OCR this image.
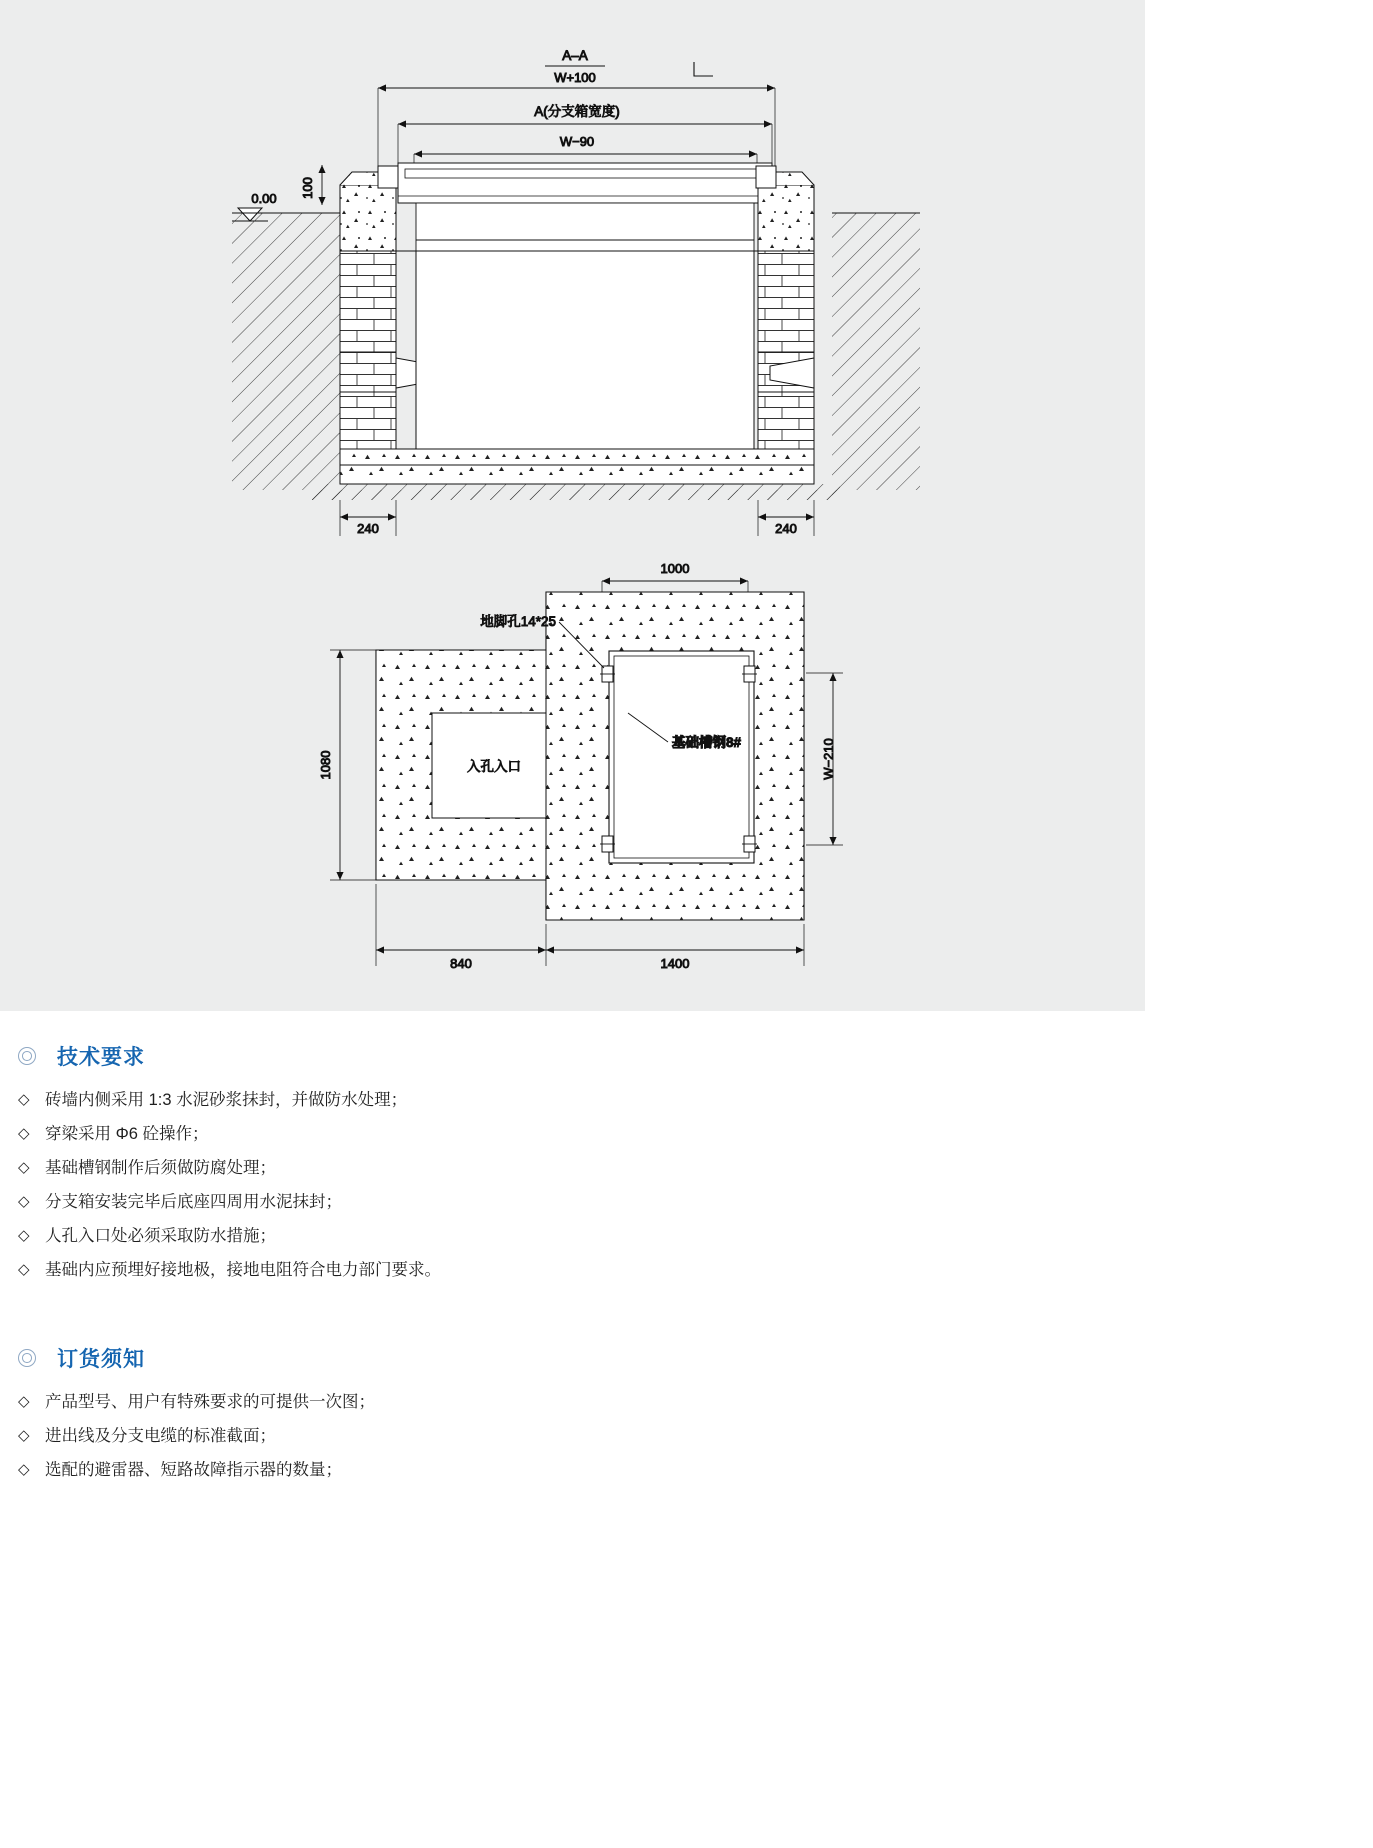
A–A
W+100
A(分支箱宽度)
W−90
100
0.00
240	240
1000
入孔入口
地脚孔14*25
基础槽钢8#
1080	W−210
840	1400
技术要求
◇ 砖墙内侧采用 1:3 水泥砂浆抹封，并做防水处理；
◇ 穿梁采用 Φ6 砼操作；
◇ 基础槽钢制作后须做防腐处理；
◇ 分支箱安装完毕后底座四周用水泥抹封；
◇ 人孔入口处必须采取防水措施；
◇ 基础内应预埋好接地极，接地电阻符合电力部门要求。
订货须知
◇ 产品型号、用户有特殊要求的可提供一次图；
◇ 进出线及分支电缆的标准截面；
◇ 选配的避雷器、短路故障指示器的数量；
